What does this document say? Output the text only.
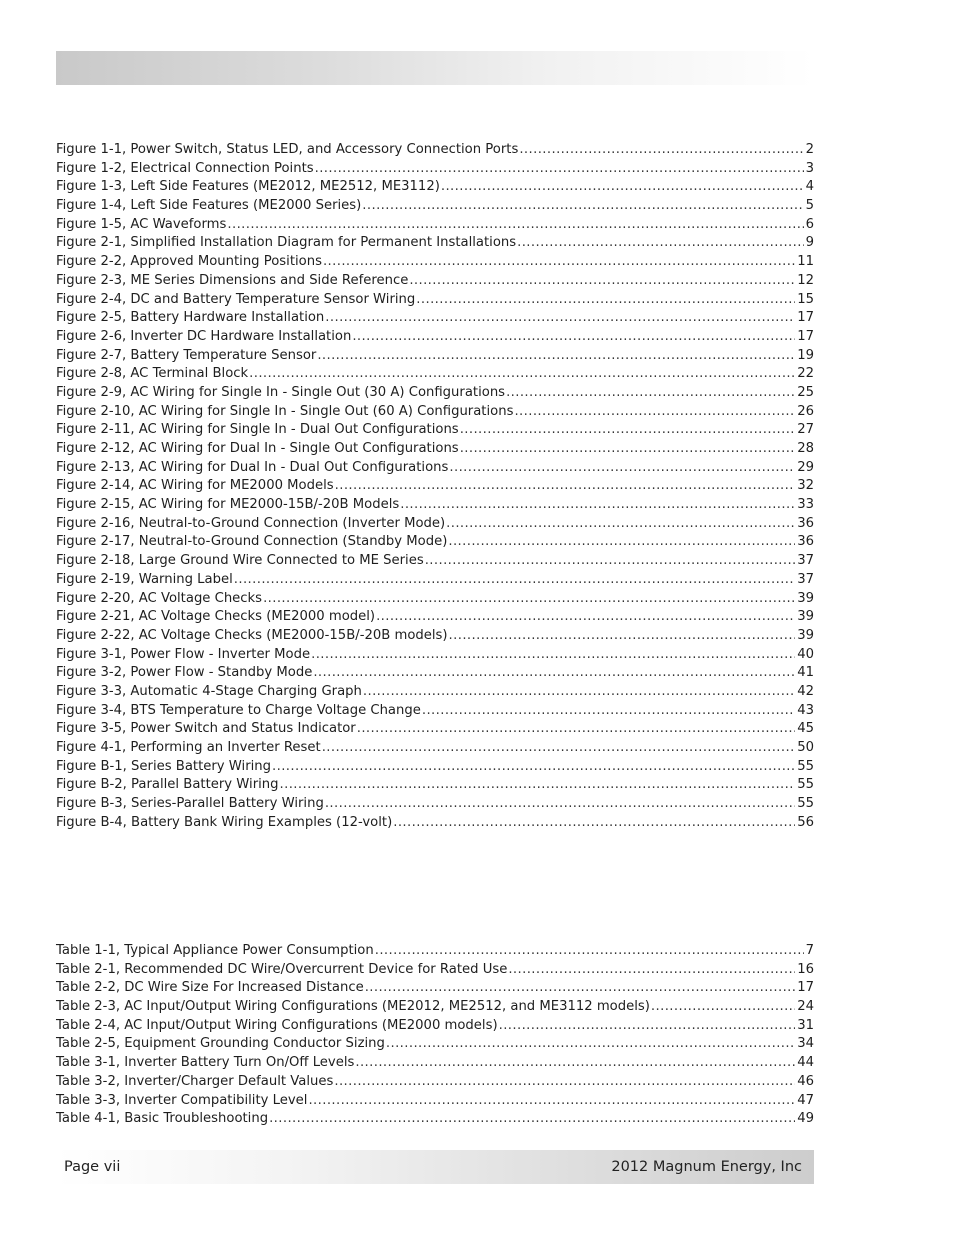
Figure 1-1, Power Switch, Status LED, and Accessory Connection Ports .....	2
Figure 1-2, Electrical Connection Points .....	3
Figure 1-3, Left Side Features (ME2012, ME2512, ME3112) .....	4
Figure 1-4, Left Side Features (ME2000 Series) .....	5
Figure 1-5, AC Waveforms .....	6
Figure 2-1, Simplified Installation Diagram for Permanent Installations .....	9
Figure 2-2, Approved Mounting Positions .....	11
Figure 2-3, ME Series Dimensions and Side Reference .....	12
Figure 2-4, DC and Battery Temperature Sensor Wiring .....	15
Figure 2-5, Battery Hardware Installation .....	17
Figure 2-6, Inverter DC Hardware Installation .....	17
Figure 2-7, Battery Temperature Sensor .....	19
Figure 2-8, AC Terminal Block .....	22
Figure 2-9, AC Wiring for Single In - Single Out (30 A) Configurations .....	25
Figure 2-10, AC Wiring for Single In - Single Out (60 A) Configurations .....	26
Figure 2-11, AC Wiring for Single In - Dual Out Configurations .....	27
Figure 2-12, AC Wiring for Dual In - Single Out Configurations .....	28
Figure 2-13, AC Wiring for Dual In - Dual Out Configurations .....	29
Figure 2-14, AC Wiring for ME2000 Models .....	32
Figure 2-15, AC Wiring for ME2000-15B/-20B Models .....	33
Figure 2-16, Neutral-to-Ground Connection (Inverter Mode) .....	36
Figure 2-17, Neutral-to-Ground Connection (Standby Mode) .....	36
Figure 2-18, Large Ground Wire Connected to ME Series .....	37
Figure 2-19, Warning Label .....	37
Figure 2-20, AC Voltage Checks .....	39
Figure 2-21, AC Voltage Checks (ME2000 model) .....	39
Figure 2-22, AC Voltage Checks (ME2000-15B/-20B models) .....	39
Figure 3-1, Power Flow - Inverter Mode .....	40
Figure 3-2, Power Flow - Standby Mode .....	41
Figure 3-3, Automatic 4-Stage Charging Graph .....	42
Figure 3-4, BTS Temperature to Charge Voltage Change .....	43
Figure 3-5, Power Switch and Status Indicator .....	45
Figure 4-1, Performing an Inverter Reset .....	50
Figure B-1, Series Battery Wiring .....	55
Figure B-2, Parallel Battery Wiring .....	55
Figure B-3, Series-Parallel Battery Wiring .....	55
Figure B-4, Battery Bank Wiring Examples (12-volt) .....	56
Table 1-1, Typical Appliance Power Consumption .....	7
Table 2-1, Recommended DC Wire/Overcurrent Device for Rated Use .....	16
Table 2-2, DC Wire Size For Increased Distance .....	17
Table 2-3, AC Input/Output Wiring Configurations (ME2012, ME2512, and ME3112 models) .....	24
Table 2-4, AC Input/Output Wiring Configurations (ME2000 models) .....	31
Table 2-5, Equipment Grounding Conductor Sizing .....	34
Table 3-1, Inverter Battery Turn On/Off Levels .....	44
Table 3-2, Inverter/Charger Default Values .....	46
Table 3-3, Inverter Compatibility Level .....	47
Table 4-1, Basic Troubleshooting .....	49
Page vii	2012 Magnum Energy, Inc
